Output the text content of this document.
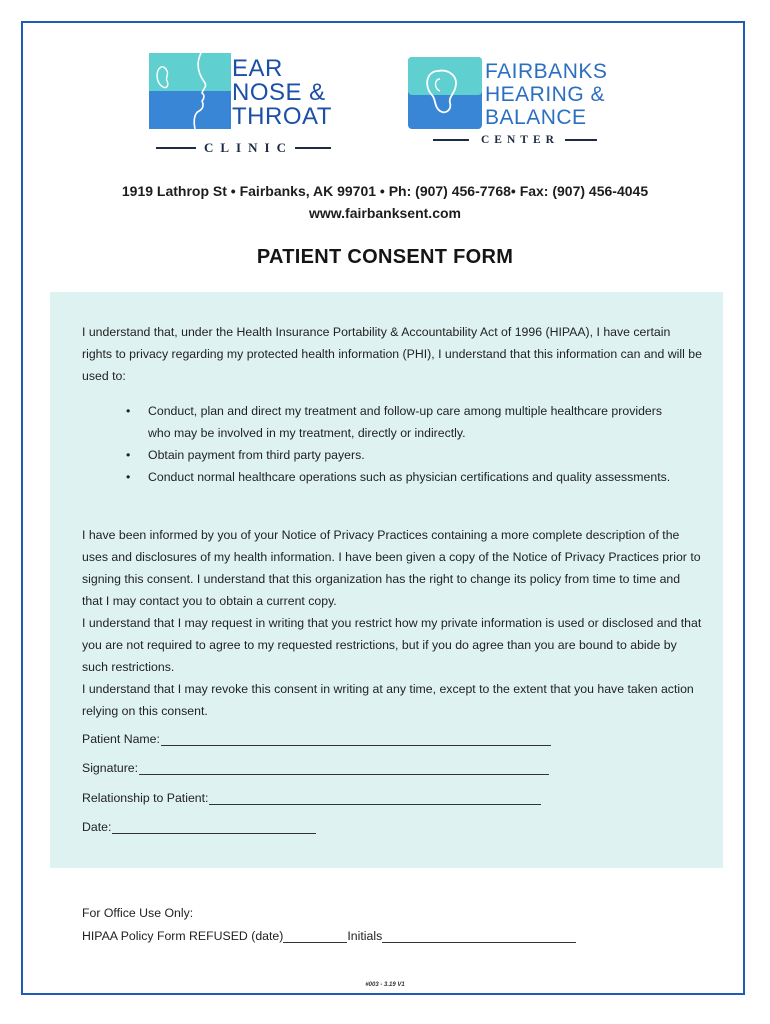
EAR
NOSE &
THROAT
CLINIC
FAIRBANKS
HEARING &
BALANCE
CENTER
1919 Lathrop St • Fairbanks, AK 99701 • Ph: (907) 456-7768• Fax: (907) 456-4045
www.fairbanksent.com
PATIENT CONSENT FORM
I understand that, under the Health Insurance Portability & Accountability Act of 1996 (HIPAA), I have certain rights to privacy regarding my protected health information (PHI), I understand that this information can and will be used to:
• Conduct, plan and direct my treatment and follow-up care among multiple healthcare providers who may be involved in my treatment, directly or indirectly.
• Obtain payment from third party payers.
• Conduct normal healthcare operations such as physician certifications and quality assessments.
I have been informed by you of your Notice of Privacy Practices containing a more complete description of the uses and disclosures of my health information. I have been given a copy of the Notice of Privacy Practices prior to signing this consent. I understand that this organization has the right to change its policy from time to time and that I may contact you to obtain a current copy.
I understand that I may request in writing that you restrict how my private information is used or disclosed and that you are not required to agree to my requested restrictions, but if you do agree than you are bound to abide by such restrictions.
I understand that I may revoke this consent in writing at any time, except to the extent that you have taken action relying on this consent.
Patient Name:
Signature:
Relationship to Patient:
Date:
For Office Use Only:
HIPAA Policy Form REFUSED (date)	Initials
#003 - 3.19 V1
